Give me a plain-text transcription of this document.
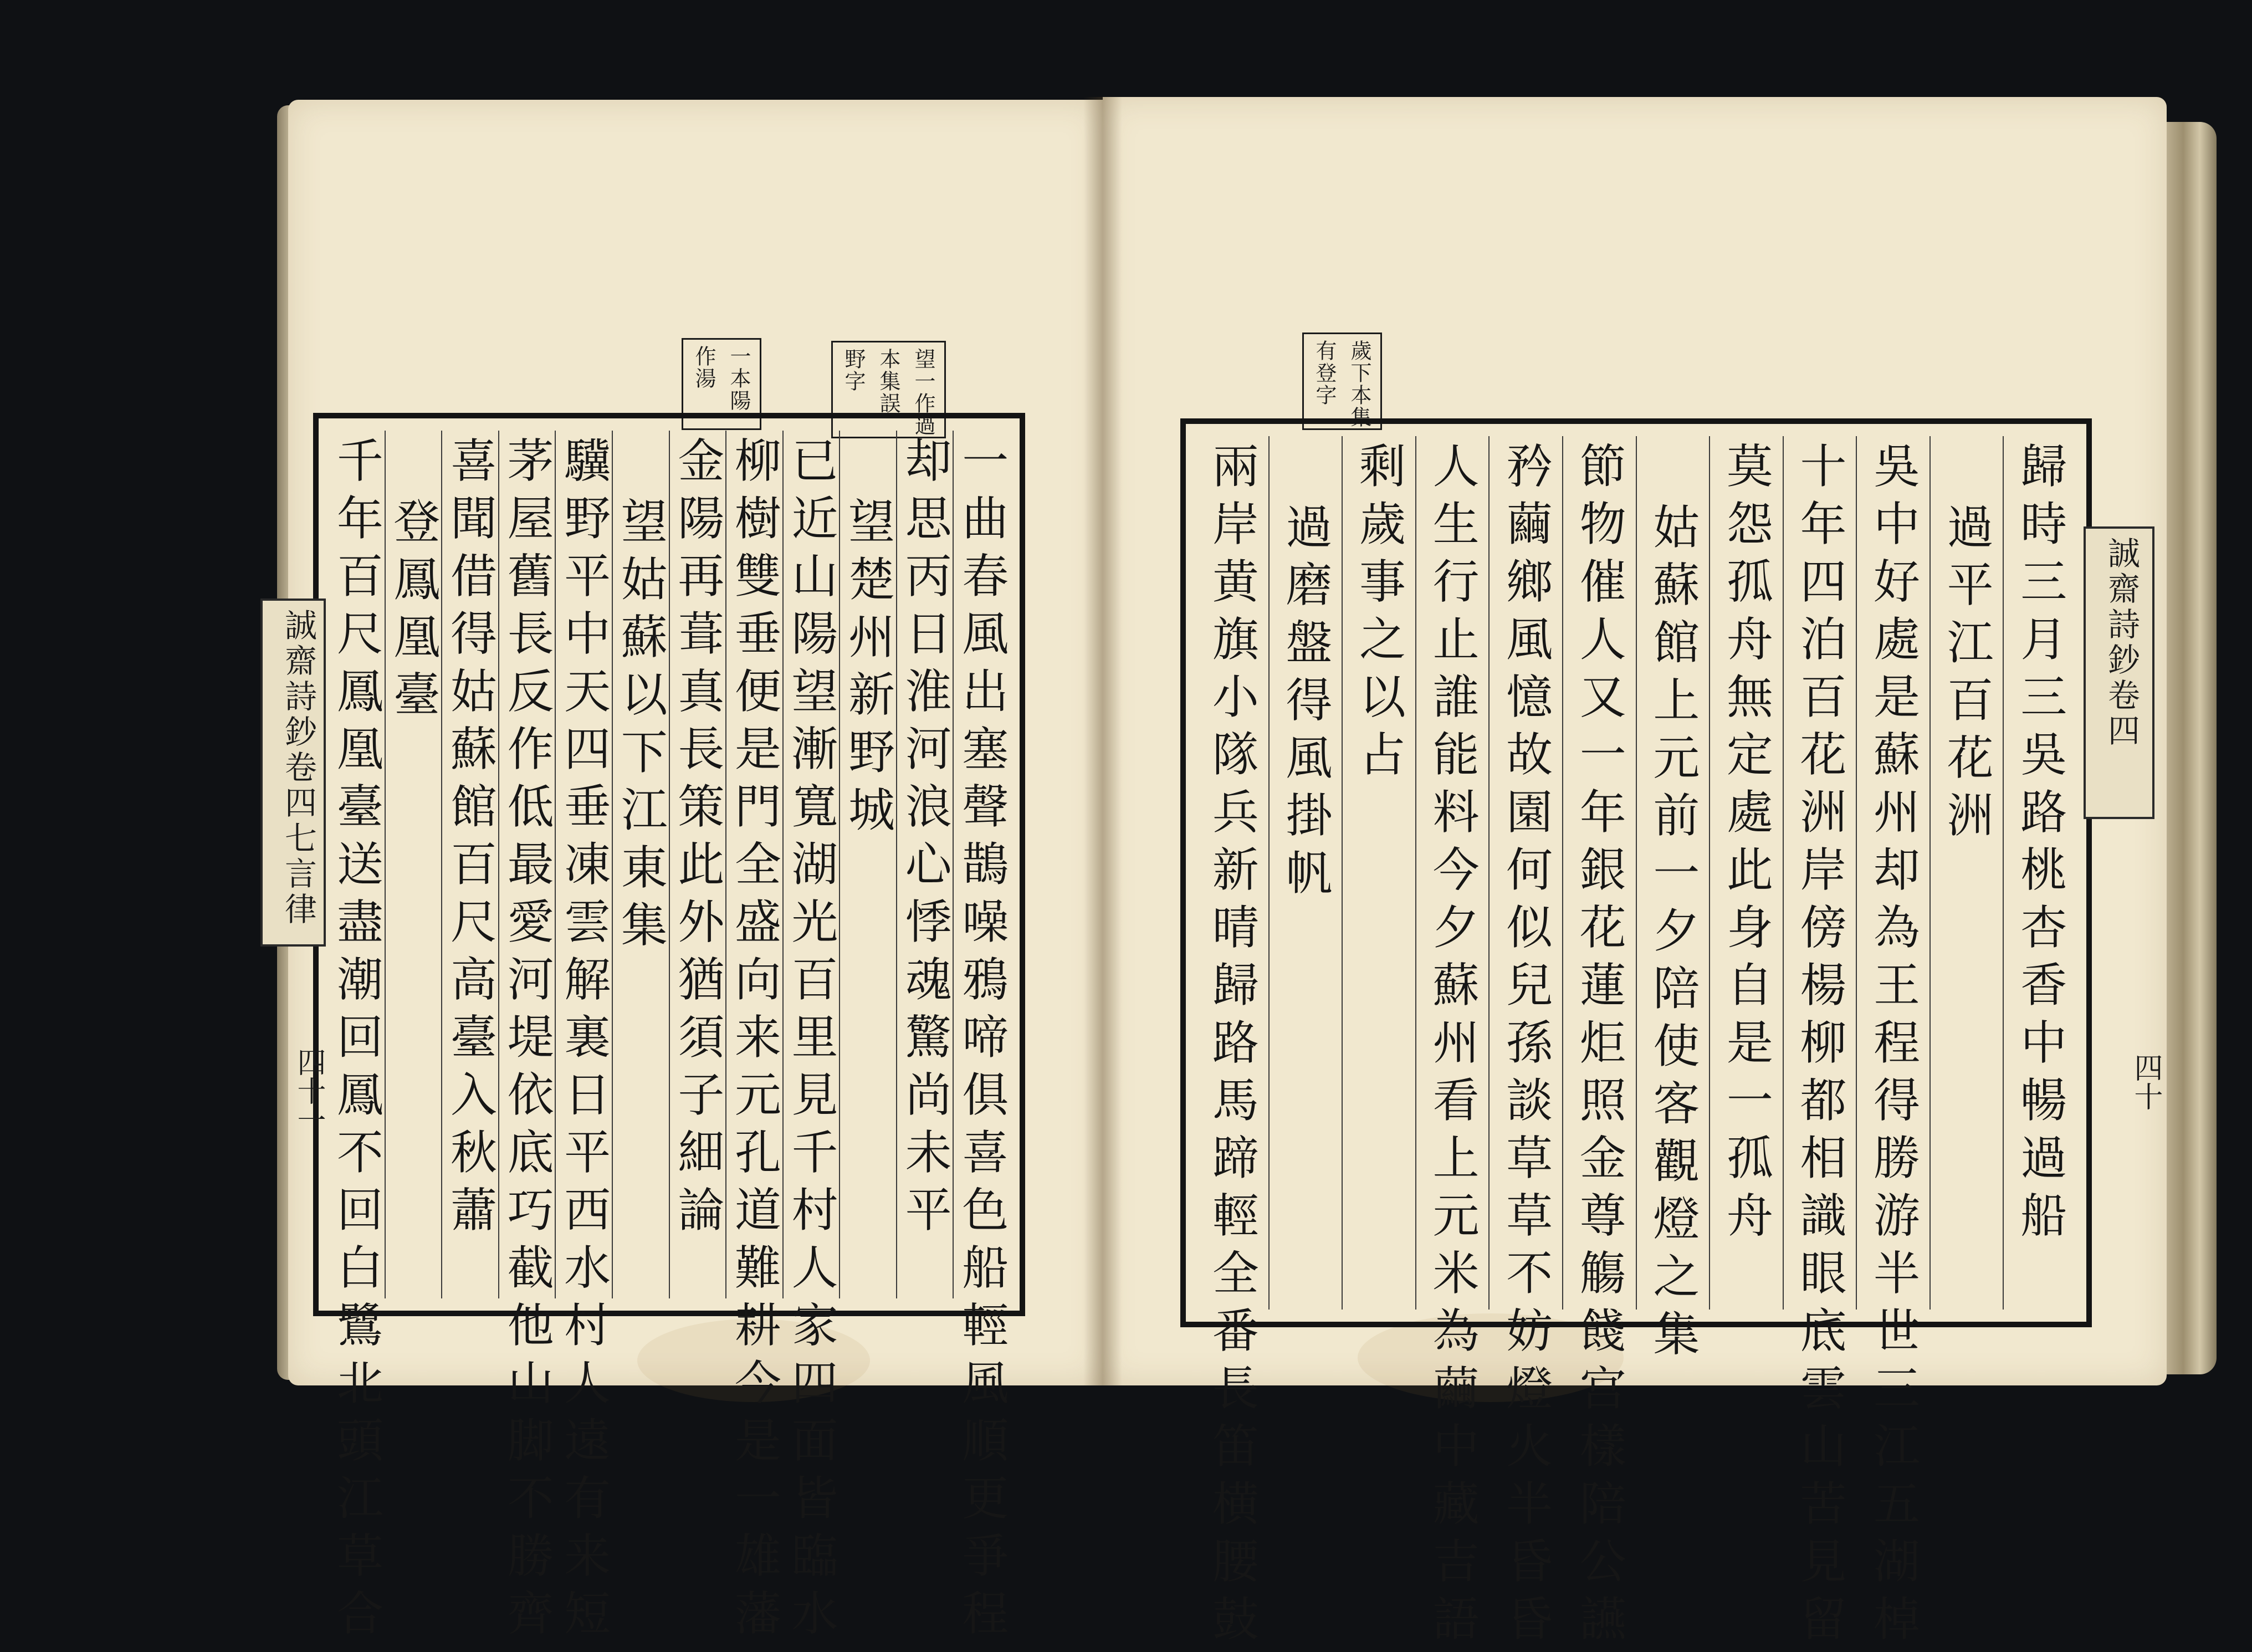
一本陽
作湯	望一作過
本集誤
野字	歲下本集
有登字
一曲春風出塞聲鵲噪鴉啼俱喜色船輕風順更爭程
却思丙日淮河浪心悸魂驚尚未平
望楚州新野城
已近山陽望漸寬湖光百里見千村人家四面皆臨水
柳樹雙垂便是門全盛向来元孔道難耕今是一雄藩
金陽再葺真長策此外猶須子細論
望姑蘇以下江東集
驥野平中天四垂凍雲解裏日平西水村人遠有来短
茅屋舊長反作低最愛河堤依底巧截他山脚不勝齊
喜聞借得姑蘇館百尺高臺入秋蕭
登鳳凰臺
千年百尺鳳凰臺送盡潮回鳳不回白鷺北頭江草合	歸時三月三吳路桃杏香中暢過船
過平江百花洲
吳中好處是蘇州却為王程得勝游半世三江五湖棹
十年四泊百花洲岸傍楊柳都相識眼底雲山苦見留
莫怨孤舟無定處此身自是一孤舟
姑蘇館上元前一夕陪使客觀燈之集
節物催人又一年銀花蓮炬照金尊觴餞宫樣陪公讌
矜繭鄉風憶故園何似兒孫談草草不妨燈火半昏昏
人生行止誰能料今夕蘇州看上元米為繭中藏吉語
剩歲事之以占
過磨盤得風掛帆
兩岸黄旗小隊兵新晴歸路馬蹄輕全番長笛横腰鼓
誠齋詩鈔卷四七言律
四十一
誠齋詩鈔卷四
四十
